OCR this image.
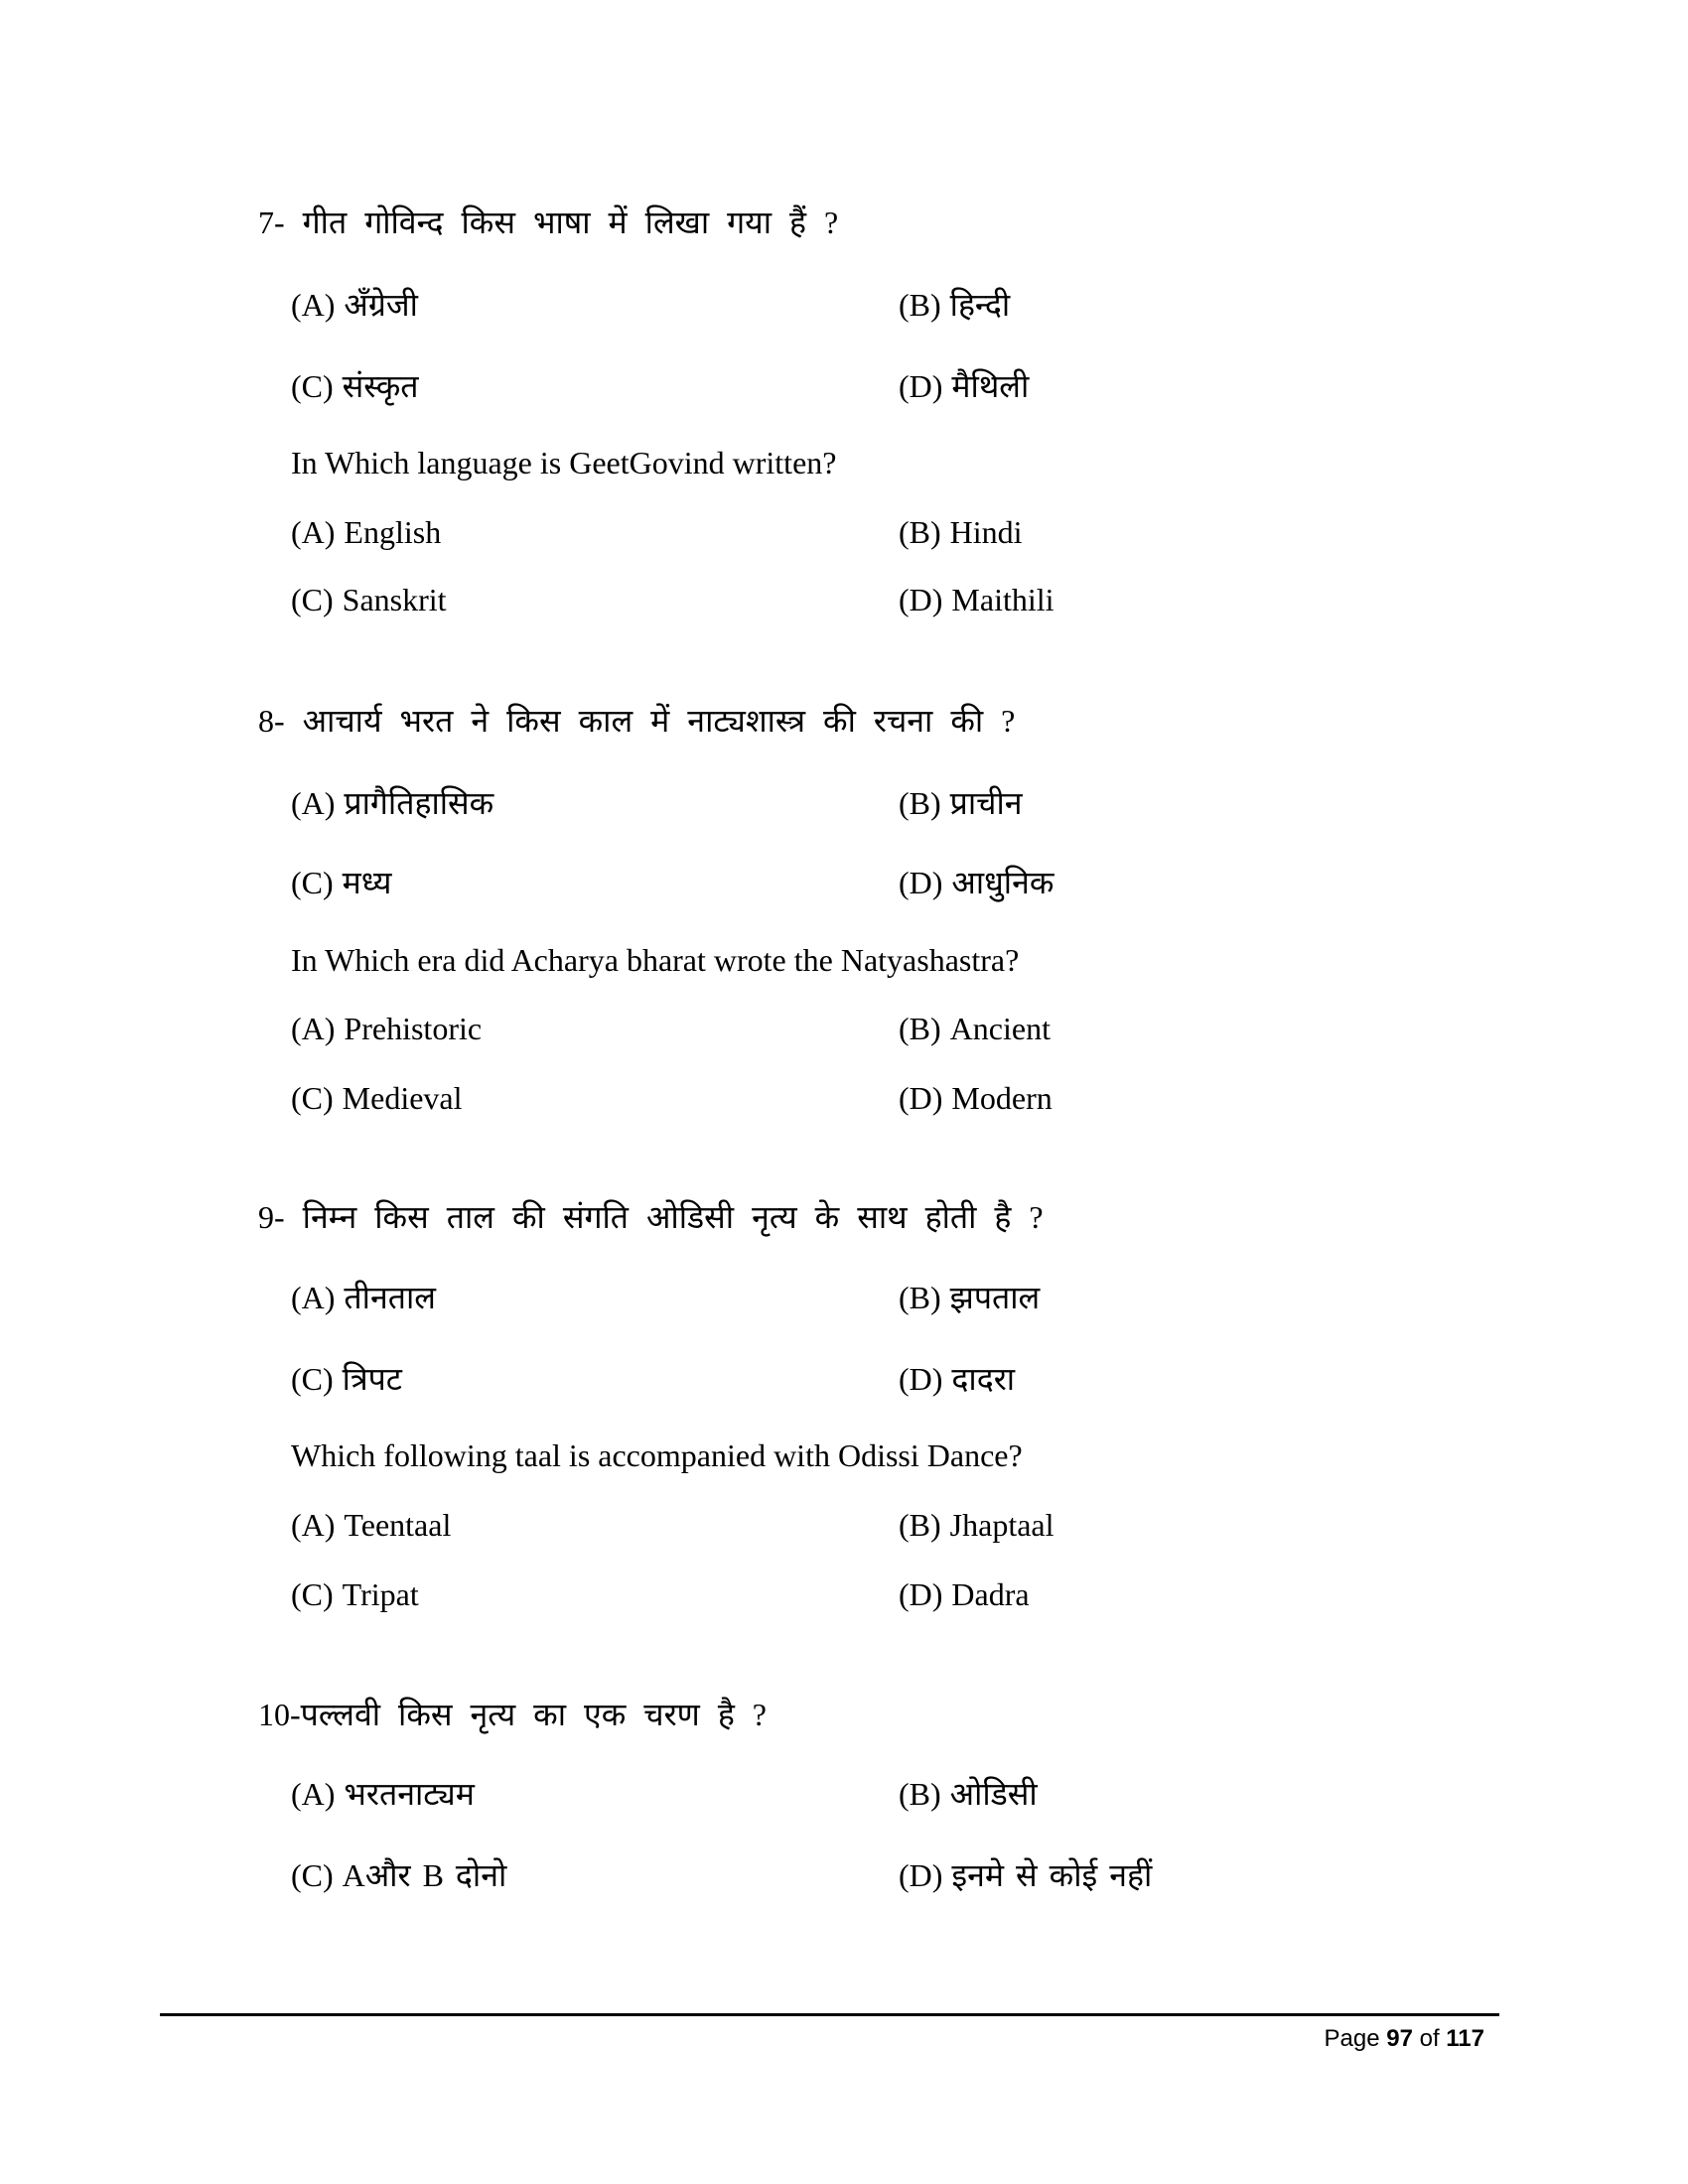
7- गीत गोविन्द किस भाषा में लिखा गया हैं ?
(A) अँग्रेजी	(B) हिन्दी
(C) संस्कृत	(D) मैथिली
In Which language is GeetGovind written?
(A) English	(B) Hindi
(C) Sanskrit	(D) Maithili
8- आचार्य भरत ने किस काल में नाट्यशास्त्र की रचना की ?
(A) प्रागैतिहासिक	(B) प्राचीन
(C) मध्य	(D) आधुनिक
In Which era did Acharya bharat wrote the Natyashastra?
(A) Prehistoric	(B) Ancient
(C) Medieval	(D) Modern
9- निम्न किस ताल की संगति ओडिसी नृत्य के साथ होती है ?
(A) तीनताल	(B) झपताल
(C) त्रिपट	(D) दादरा
Which following taal is accompanied with Odissi Dance?
(A) Teentaal	(B) Jhaptaal
(C) Tripat	(D) Dadra
10-पल्लवी किस नृत्य का एक चरण है ?
(A) भरतनाट्यम	(B) ओडिसी
(C) Aऔर B दोनो	(D) इनमे से कोई नहीं
Page 97 of 117
